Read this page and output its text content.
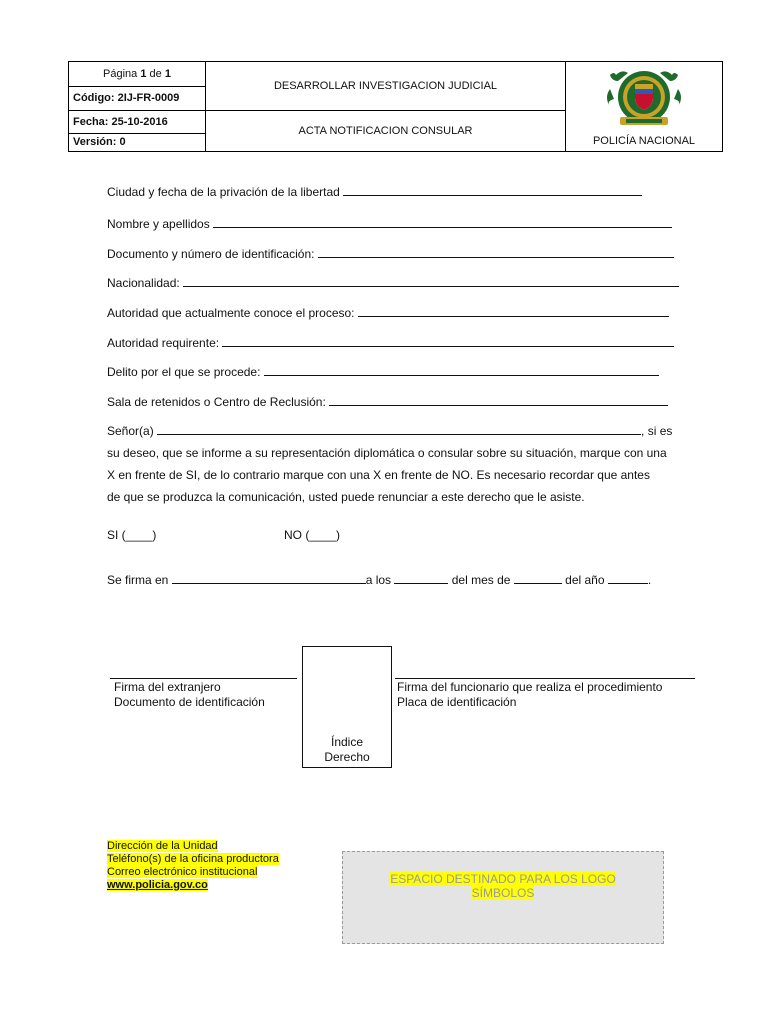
Página 1 de 1	DESARROLLAR INVESTIGACION JUDICIAL	POLICÍA NACIONAL

Código: 2IJ-FR-0009		
Fecha: 25-10-2016	ACTA NOTIFICACION CONSULAR	
Versión: 0		
Ciudad y fecha de la privación de la libertad
Nombre y apellidos
Documento y número de identificación:
Nacionalidad:
Autoridad que actualmente conoce el proceso:
Autoridad requirente:
Delito por el que se procede:
Sala de retenidos o Centro de Reclusión:
Señor(a)	, si es
su deseo, que se informe a su representación diplomática o consular sobre su situación, marque con una
X en frente de SI, de lo contrario marque con una X en frente de NO. Es necesario recordar que antes
de que se produzca la comunicación, usted puede renunciar a este derecho que le asiste.
SI (____)	NO (____)
Se firma en	a los	del mes de	del año	.
Firma del extranjero
Documento de identificación
Índice
Derecho
Firma del funcionario que realiza el procedimiento
Placa de identificación
Dirección de la Unidad
Teléfono(s) de la oficina productora
Correo electrónico institucional
www.policia.gov.co	ESPACIO DESTINADO PARA LOS LOGO
SÍMBOLOS
